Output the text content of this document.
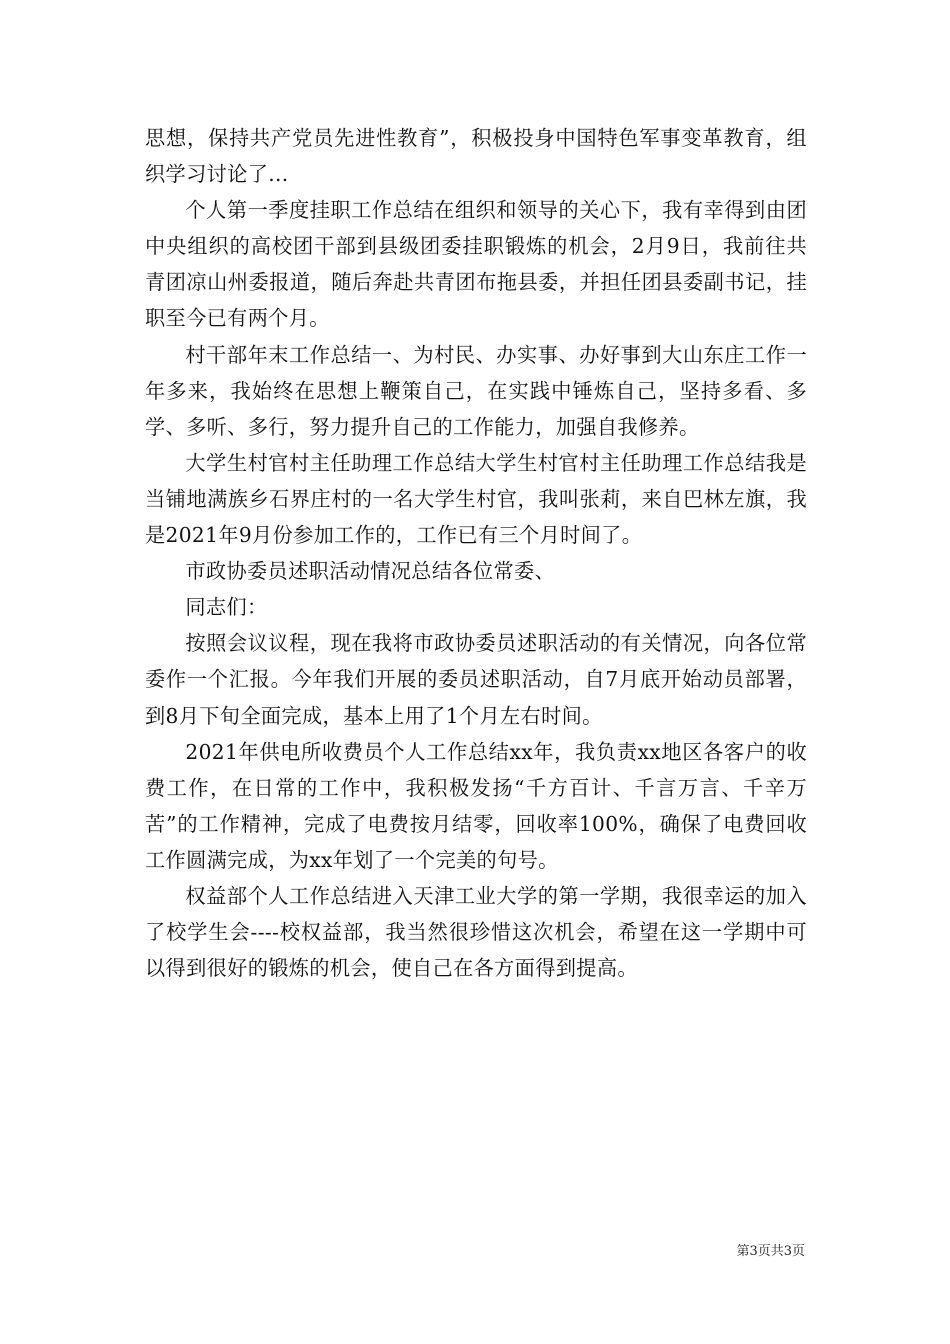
思想，保持共产党员先进性教育”，积极投身中国特色军事变革教育，组织学习讨论了...

个人第一季度挂职工作总结在组织和领导的关心下，我有幸得到由团中央组织的高校团干部到县级团委挂职锻炼的机会，2月9日，我前往共青团凉山州委报道，随后奔赴共青团布拖县委，并担任团县委副书记，挂职至今已有两个月。

村干部年末工作总结一、为村民、办实事、办好事到大山东庄工作一年多来，我始终在思想上鞭策自己，在实践中锤炼自己，坚持多看、多学、多听、多行，努力提升自己的工作能力，加强自我修养。

大学生村官村主任助理工作总结大学生村官村主任助理工作总结我是当铺地满族乡石界庄村的一名大学生村官，我叫张莉，来自巴林左旗，我是2021年9月份参加工作的，工作已有三个月时间了。

市政协委员述职活动情况总结各位常委、

同志们：

按照会议议程，现在我将市政协委员述职活动的有关情况，向各位常委作一个汇报。今年我们开展的委员述职活动，自7月底开始动员部署，到8月下旬全面完成，基本上用了1个月左右时间。

2021年供电所收费员个人工作总结xx年，我负责xx地区各客户的收费工作，在日常的工作中，我积极发扬“千方百计、千言万言、千辛万苦”的工作精神，完成了电费按月结零，回收率100%，确保了电费回收工作圆满完成，为xx年划了一个完美的句号。

权益部个人工作总结进入天津工业大学的第一学期，我很幸运的加入了校学生会----校权益部，我当然很珍惜这次机会，希望在这一学期中可以得到很好的锻炼的机会，使自己在各方面得到提高。

第3页共3页
